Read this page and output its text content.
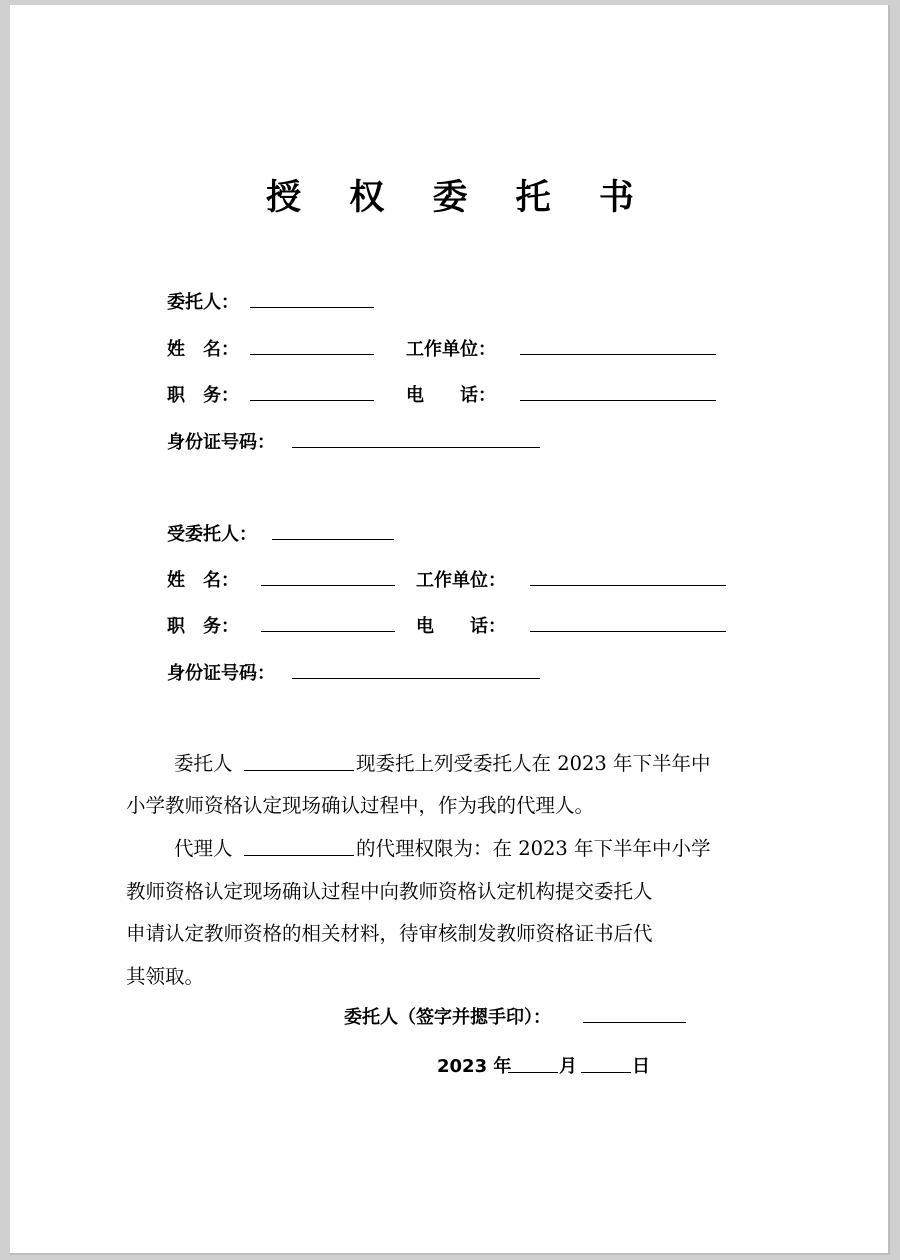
授 权 委 托 书
委托人：
姓　名：	工作单位：
职　务：	电　　话：
身份证号码：
受委托人：
姓　名：	工作单位：
职　务：	电　　话：
身份证号码：
委托人	现委托上列受委托人在 2023 年下半年中
小学教师资格认定现场确认过程中，作为我的代理人。
代理人	的代理权限为：在 2023 年下半年中小学
教师资格认定现场确认过程中向教师资格认定机构提交委托人
申请认定教师资格的相关材料，待审核制发教师资格证书后代
其领取。
委托人（签字并摁手印）：
2023 年	月	日
